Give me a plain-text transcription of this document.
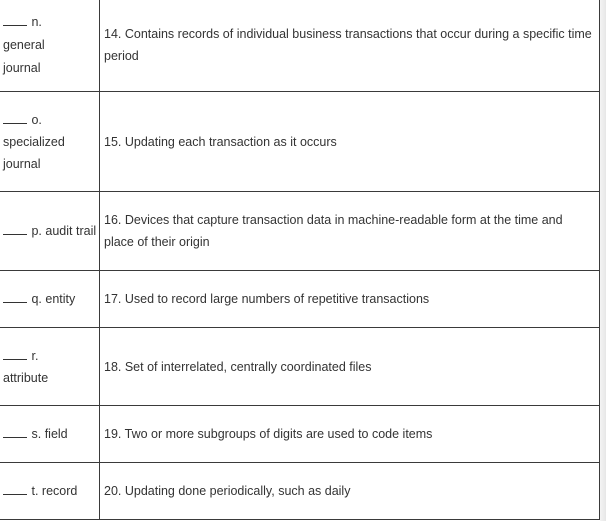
n.
general journal	14. Contains records of individual business transactions that occur during a specific time period
o.
specialized journal	15. Updating each transaction as it occurs
p. audit trail	16. Devices that capture transaction data in machine-readable form at the time and place of their origin
q. entity	17. Used to record large numbers of repetitive transactions
r.
attribute	18. Set of interrelated, centrally coordinated files
s. field	19. Two or more subgroups of digits are used to code items
t. record	20. Updating done periodically, such as daily
